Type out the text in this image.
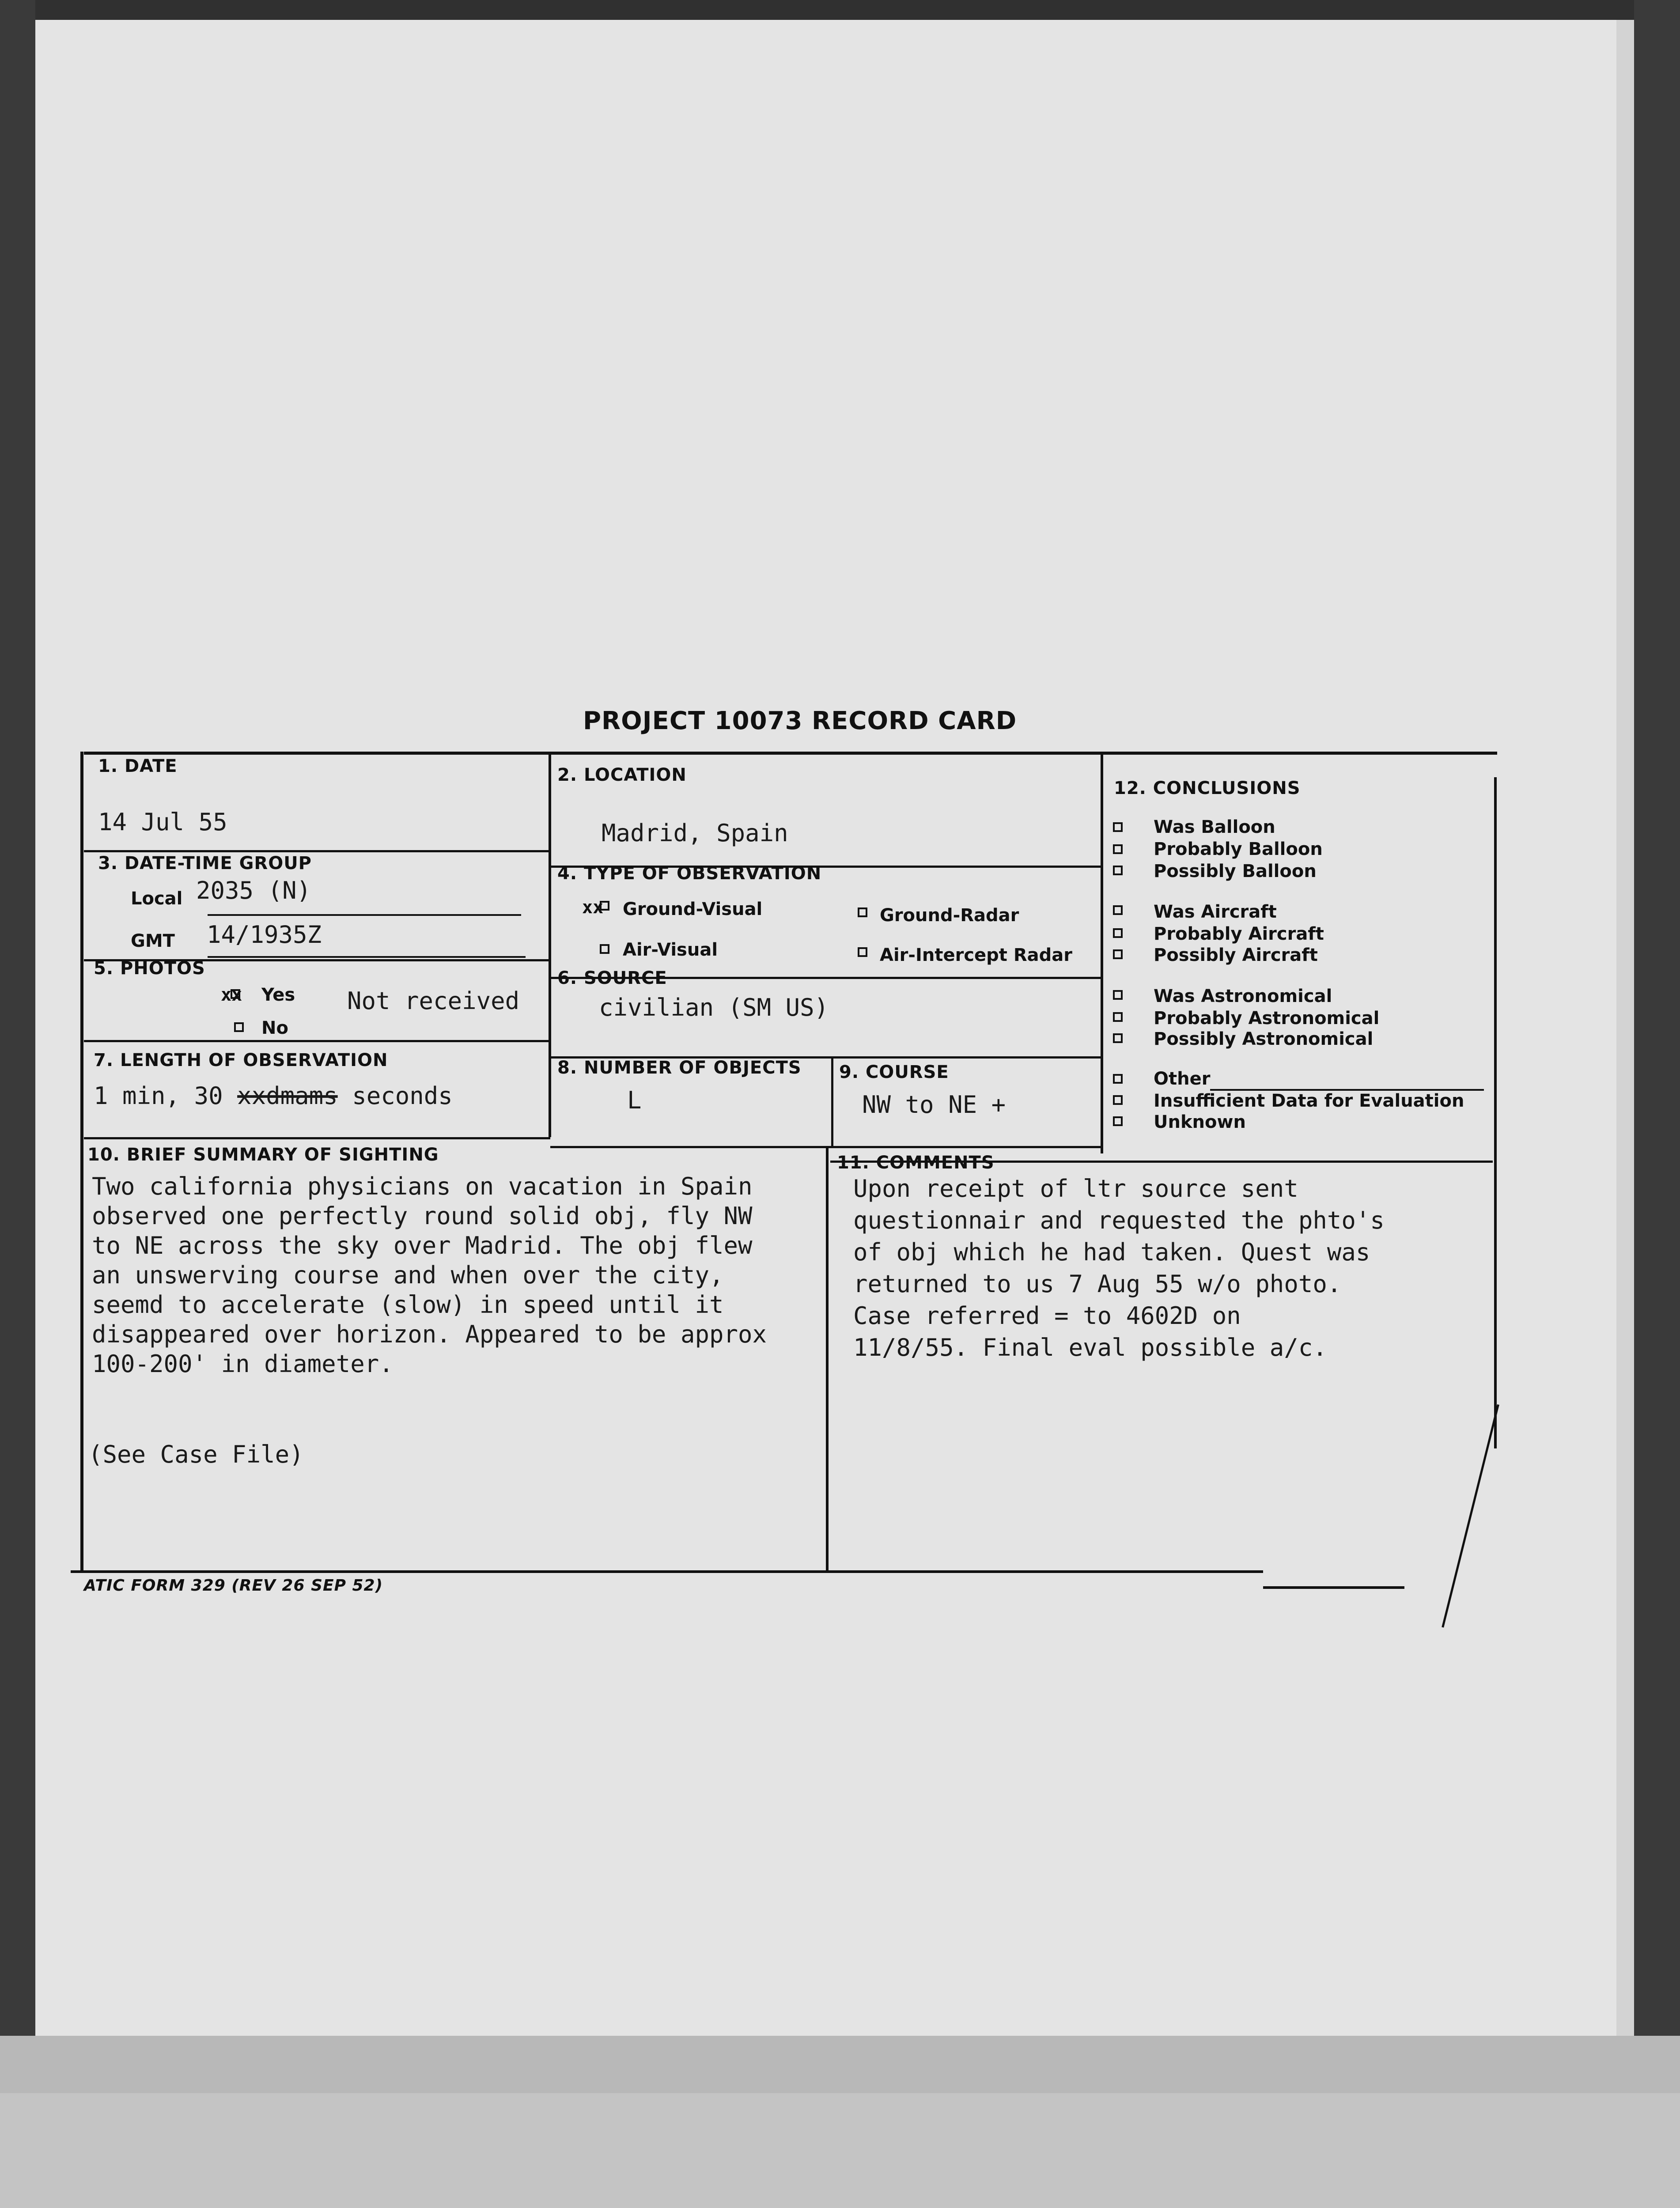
PROJECT 10073 RECORD CARD
1. DATE
14 Jul 55
2. LOCATION
Madrid, Spain
3. DATE-TIME GROUP
Local 2035 (N)
GMT 14/1935Z
4. TYPE OF OBSERVATION
xx Ground-Visual	Ground-Radar
Air-Visual	Air-Intercept Radar
5. PHOTOS
xx Yes Not received
No
6. SOURCE
civilian (SM US)
7. LENGTH OF OBSERVATION
1 min, 30 xxdmams seconds
8. NUMBER OF OBJECTS
L
9. COURSE
NW to NE +
10. BRIEF SUMMARY OF SIGHTING
Two california physicians on vacation in Spain
observed one perfectly round solid obj, fly NW
to NE across the sky over Madrid. The obj flew
an unswerving course and when over the city,
seemd to accelerate (slow) in speed until it
disappeared over horizon. Appeared to be approx
100-200' in diameter.
(See Case File)
11. COMMENTS
Upon receipt of ltr source sent
questionnair and requested the phto's
of obj which he had taken. Quest was
returned to us 7 Aug 55 w/o photo.
Case referred = to 4602D on
11/8/55. Final eval possible a/c.
12. CONCLUSIONS
Was Balloon
Probably Balloon
Possibly Balloon
Was Aircraft
Probably Aircraft
Possibly Aircraft
Was Astronomical
Probably Astronomical
Possibly Astronomical
Other
Insufficient Data for Evaluation
Unknown
ATIC FORM 329 (REV 26 SEP 52)
